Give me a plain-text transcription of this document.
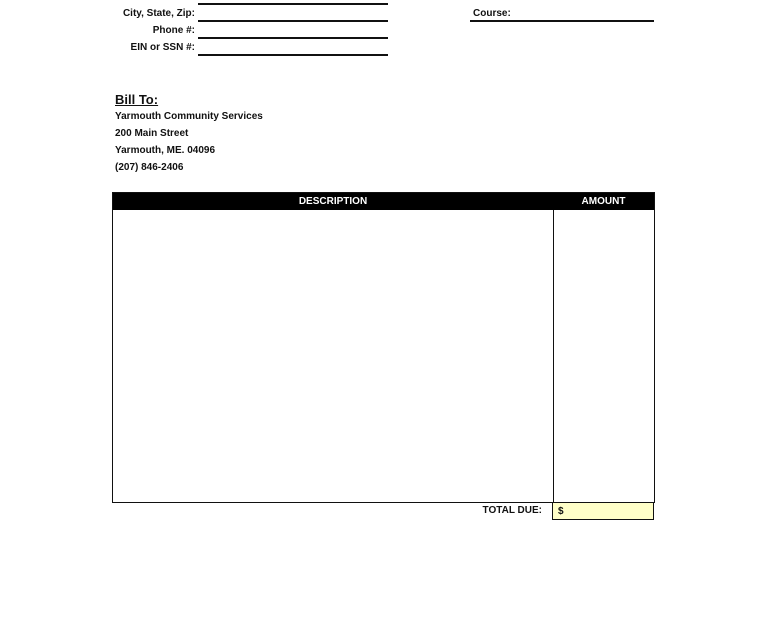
City, State, Zip:
Phone #:
EIN or SSN #:
Course:
Bill To:
Yarmouth Community Services
200 Main Street
Yarmouth, ME. 04096
(207) 846-2406
DESCRIPTION	AMOUNT
TOTAL DUE: $
